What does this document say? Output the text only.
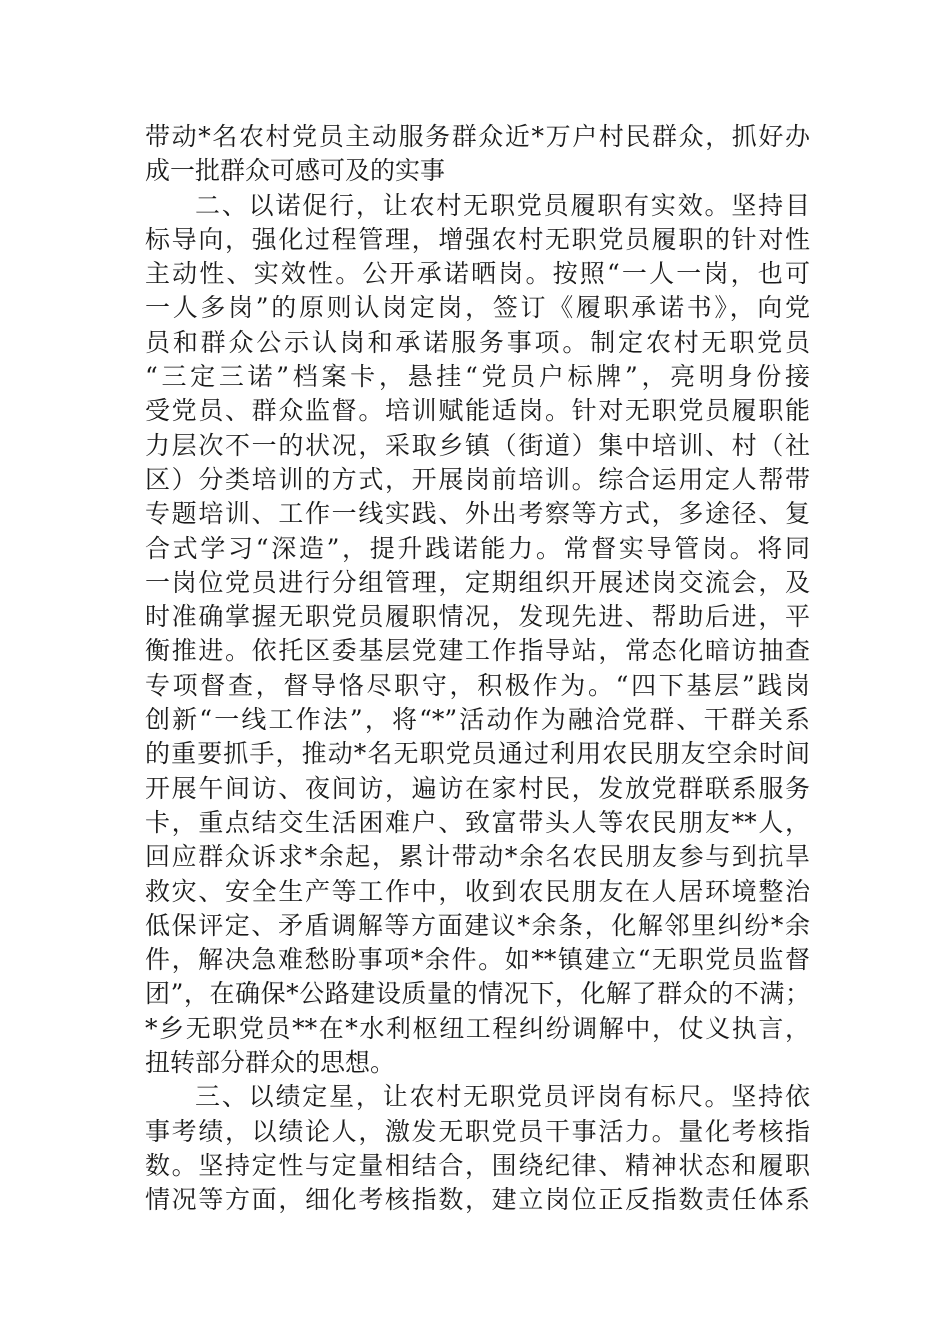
带动*名农村党员主动服务群众近*万户村民群众，抓好办
成一批群众可感可及的实事
二、以诺促行，让农村无职党员履职有实效。坚持目
标导向，强化过程管理，增强农村无职党员履职的针对性
主动性、实效性。公开承诺晒岗。按照“一人一岗，也可
一人多岗”的原则认岗定岗，签订《履职承诺书》，向党
员和群众公示认岗和承诺服务事项。制定农村无职党员
“三定三诺”档案卡，悬挂“党员户标牌”，亮明身份接
受党员、群众监督。培训赋能适岗。针对无职党员履职能
力层次不一的状况，采取乡镇（街道）集中培训、村（社
区）分类培训的方式，开展岗前培训。综合运用定人帮带
专题培训、工作一线实践、外出考察等方式，多途径、复
合式学习“深造”，提升践诺能力。常督实导管岗。将同
一岗位党员进行分组管理，定期组织开展述岗交流会，及
时准确掌握无职党员履职情况，发现先进、帮助后进，平
衡推进。依托区委基层党建工作指导站，常态化暗访抽查
专项督查，督导恪尽职守，积极作为。“四下基层”践岗
创新“一线工作法”，将“*”活动作为融洽党群、干群关系
的重要抓手，推动*名无职党员通过利用农民朋友空余时间
开展午间访、夜间访，遍访在家村民，发放党群联系服务
卡，重点结交生活困难户、致富带头人等农民朋友**人，
回应群众诉求*余起，累计带动*余名农民朋友参与到抗旱
救灾、安全生产等工作中，收到农民朋友在人居环境整治
低保评定、矛盾调解等方面建议*余条，化解邻里纠纷*余
件，解决急难愁盼事项*余件。如**镇建立“无职党员监督
团”，在确保*公路建设质量的情况下，化解了群众的不满；
*乡无职党员**在*水利枢纽工程纠纷调解中，仗义执言，
扭转部分群众的思想。
三、以绩定星，让农村无职党员评岗有标尺。坚持依
事考绩，以绩论人，激发无职党员干事活力。量化考核指
数。坚持定性与定量相结合，围绕纪律、精神状态和履职
情况等方面，细化考核指数，建立岗位正反指数责任体系
